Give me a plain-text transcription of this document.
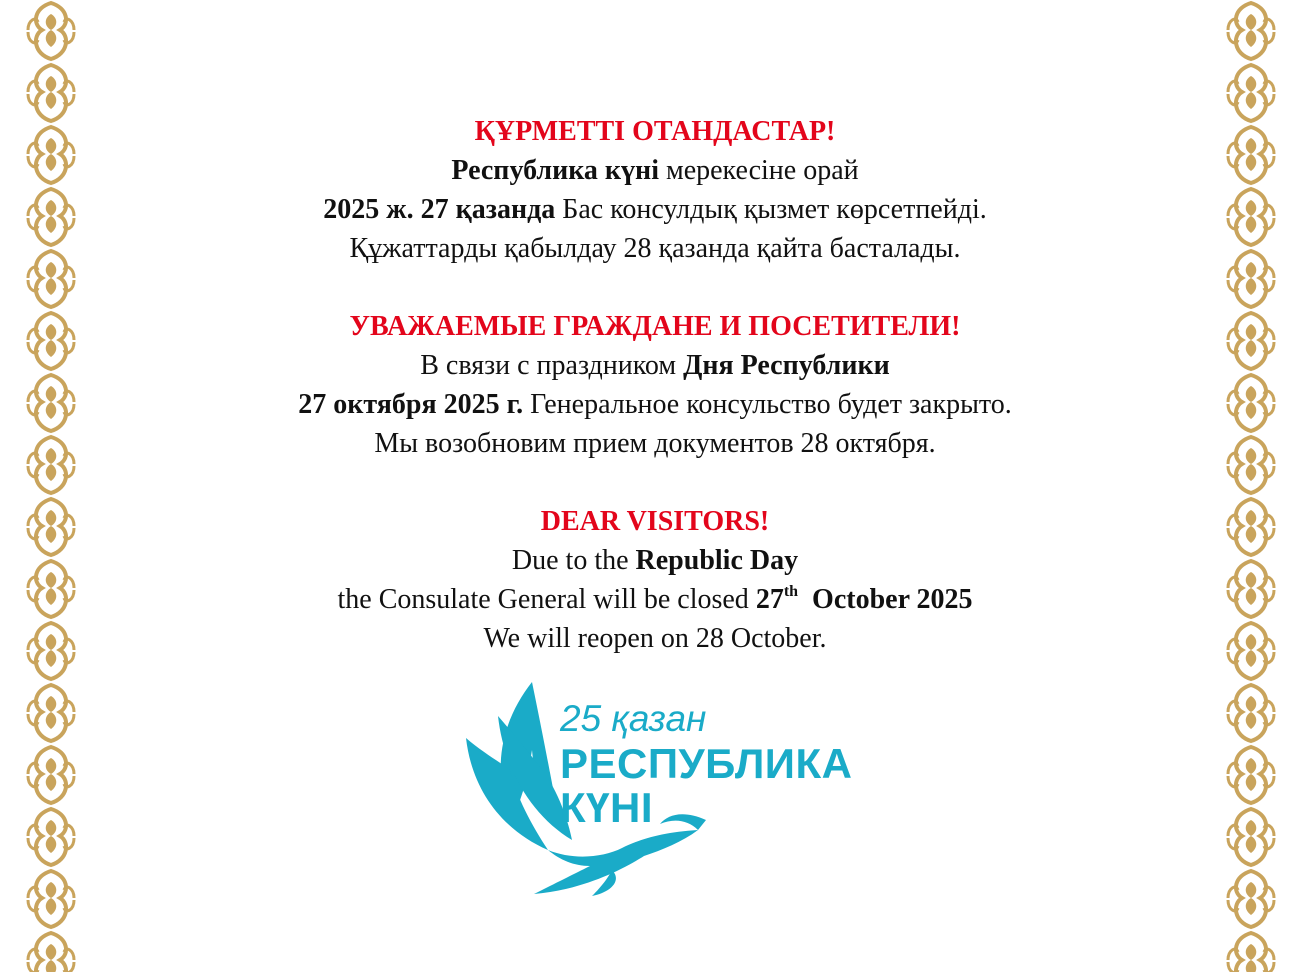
ҚҰРМЕТТІ ОТАНДАСТАР!
Республика күні мерекесіне орай
2025 ж. 27 қазанда Бас консулдық қызмет көрсетпейді.
Құжаттарды қабылдау 28 қазанда қайта басталады.
УВАЖАЕМЫЕ ГРАЖДАНЕ И ПОСЕТИТЕЛИ!
В связи с праздником Дня Республики
27 октября 2025 г. Генеральное консульство будет закрыто.
Мы возобновим прием документов 28 октября.
DEAR VISITORS!
Due to the Republic Day
the Consulate General will be closed 27th  October 2025
We will reopen on 28 October.
25 қазан
РЕСПУБЛИКА
КҮНІ
